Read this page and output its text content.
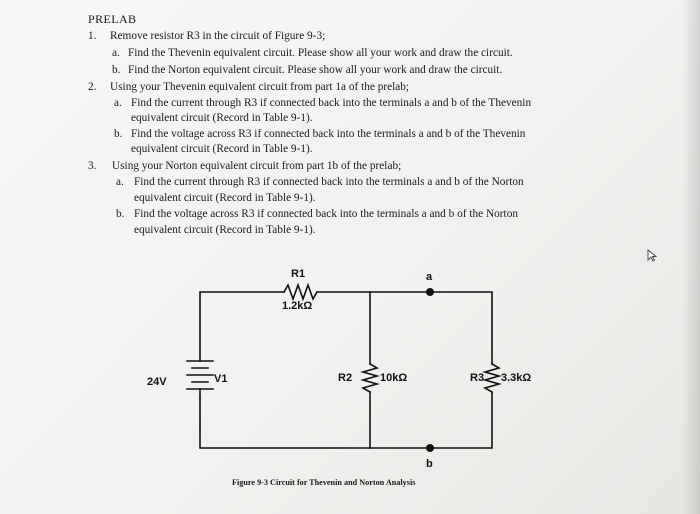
PRELAB
1. Remove resistor R3 in the circuit of Figure 9-3;
a. Find the Thevenin equivalent circuit. Please show all your work and draw the circuit.
b. Find the Norton equivalent circuit. Please show all your work and draw the circuit.
2. Using your Thevenin equivalent circuit from part 1a of the prelab;
a. Find the current through R3 if connected back into the terminals a and b of the Thevenin
equivalent circuit (Record in Table 9-1).
b. Find the voltage across R3 if connected back into the terminals a and b of the Thevenin
equivalent circuit (Record in Table 9-1).
3. Using your Norton equivalent circuit from part 1b of the prelab;
a. Find the current through R3 if connected back into the terminals a and b of the Norton
equivalent circuit (Record in Table 9-1).
b. Find the voltage across R3 if connected back into the terminals a and b of the Norton
equivalent circuit (Record in Table 9-1).
R1
1.2kΩ
a
24V	V1	R2	10kΩ	R3 3.3kΩ
b
Figure 9-3 Circuit for Thevenin and Norton Analysis
